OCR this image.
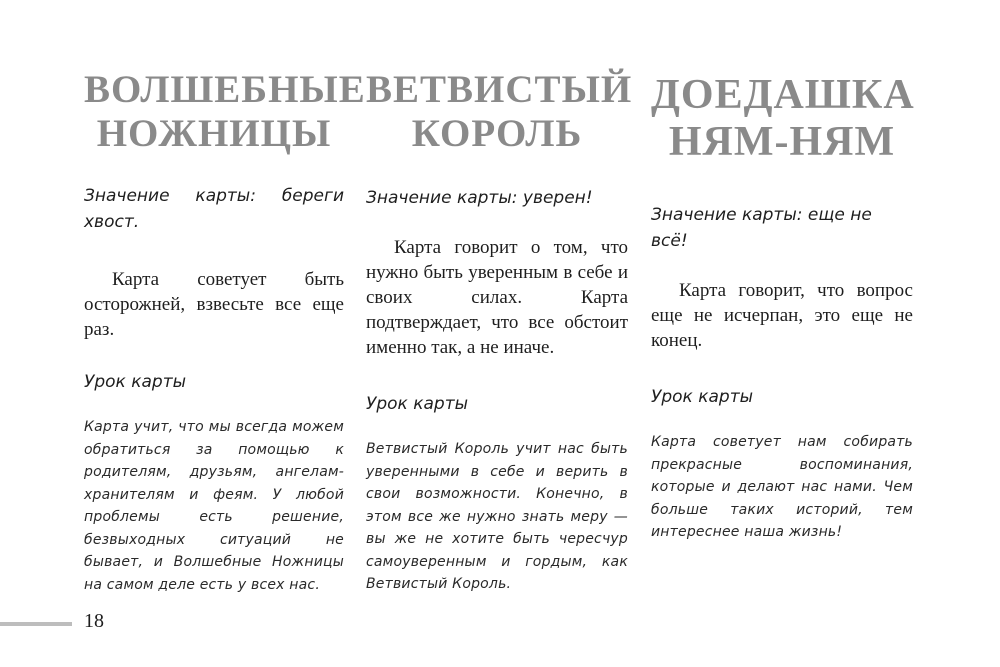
ВОЛШЕБНЫЕ НОЖНИЦЫ

Значение карты: береги хвост.

Карта советует быть осторожней, взвесьте все еще раз.

Урок карты

Карта учит, что мы всегда можем обратиться за помощью к родителям, друзьям, ангелам-хранителям и феям. У любой проблемы есть решение, безвыходных ситуаций не бывает, и Волшебные Ножницы на самом деле есть у всех нас.

ВЕТВИСТЫЙ КОРОЛЬ

Значение карты: уверен!

Карта говорит о том, что нужно быть уверенным в себе и своих силах. Карта подтверждает, что все обстоит именно так, а не иначе.

Урок карты

Ветвистый Король учит нас быть уверенными в себе и верить в свои возможности. Конечно, в этом все же нужно знать меру — вы же не хотите быть чересчур самоуверенным и гордым, как Ветвистый Король.

ДОЕДАШКА НЯМ-НЯМ

Значение карты: еще не всё!

Карта говорит, что вопрос еще не исчерпан, это еще не конец.

Урок карты

Карта советует нам собирать прекрасные воспоминания, которые и делают нас нами. Чем больше таких историй, тем интереснее наша жизнь!

18
